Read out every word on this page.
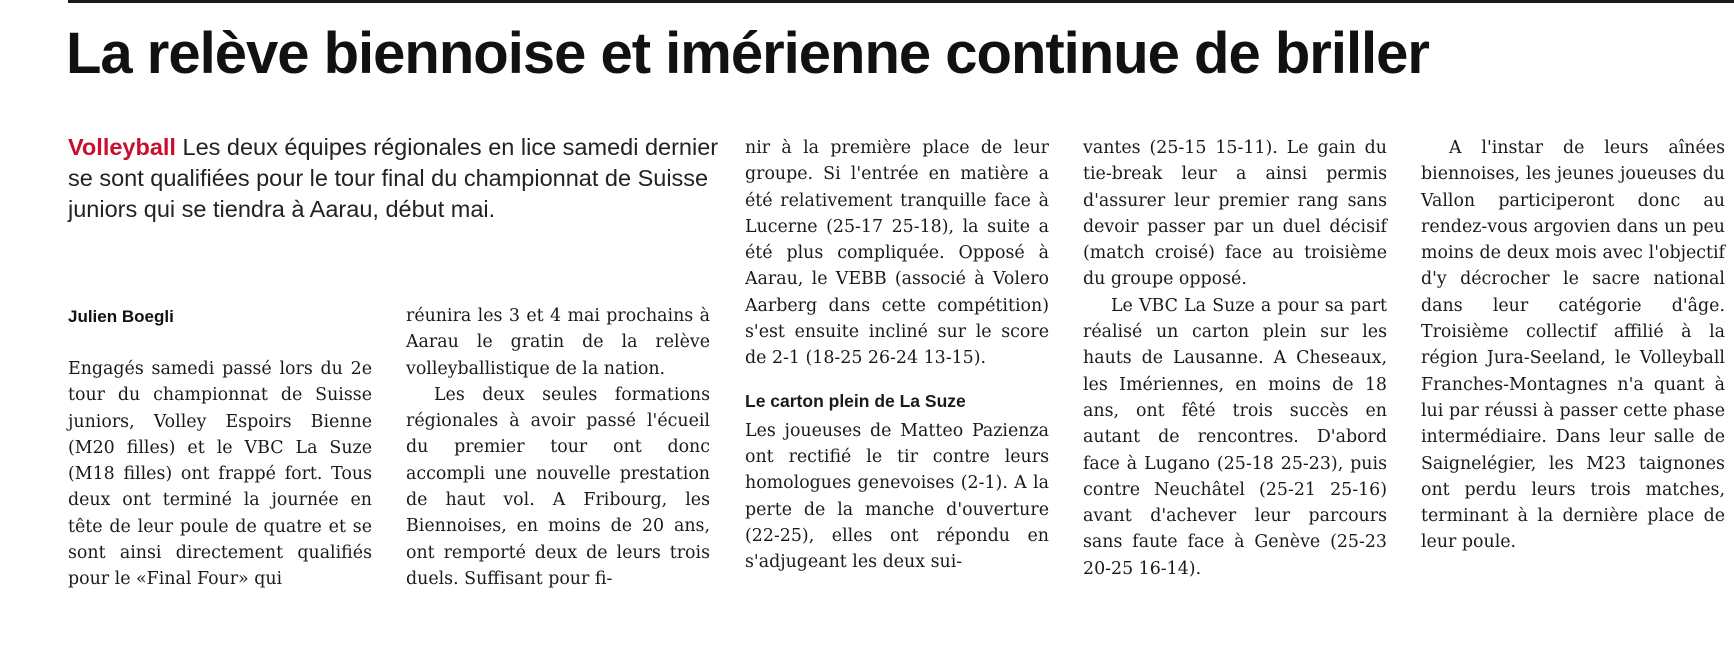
La relève biennoise et imérienne continue de briller

Volleyball Les deux équipes régionales en lice samedi dernier se sont qualifiées pour le tour final du championnat de Suisse juniors qui se tiendra à Aarau, début mai.

Julien Boegli

Engagés samedi passé lors du 2e tour du championnat de Suisse juniors, Volley Espoirs Bienne (M20 filles) et le VBC La Suze (M18 filles) ont frappé fort. Tous deux ont terminé la journée en tête de leur poule de quatre et se sont ainsi directement qualifiés pour le «Final Four» qui

réunira les 3 et 4 mai prochains à Aarau le gratin de la relève volleyballistique de la nation.

Les deux seules formations régionales à avoir passé l'écueil du premier tour ont donc accompli une nouvelle prestation de haut vol. A Fribourg, les Biennoises, en moins de 20 ans, ont remporté deux de leurs trois duels. Suffisant pour fi-

nir à la première place de leur groupe. Si l'entrée en matière a été relativement tranquille face à Lucerne (25-17 25-18), la suite a été plus compliquée. Opposé à Aarau, le VEBB (associé à Volero Aarberg dans cette compétition) s'est ensuite incliné sur le score de 2-1 (18-25 26-24 13-15).

Le carton plein de La Suze

Les joueuses de Matteo Pazienza ont rectifié le tir contre leurs homologues genevoises (2-1). A la perte de la manche d'ouverture (22-25), elles ont répondu en s'adjugeant les deux sui-

vantes (25-15 15-11). Le gain du tie-break leur a ainsi permis d'assurer leur premier rang sans devoir passer par un duel décisif (match croisé) face au troisième du groupe opposé.

Le VBC La Suze a pour sa part réalisé un carton plein sur les hauts de Lausanne. A Cheseaux, les Imériennes, en moins de 18 ans, ont fêté trois succès en autant de rencontres. D'abord face à Lugano (25-18 25-23), puis contre Neuchâtel (25-21 25-16) avant d'achever leur parcours sans faute face à Genève (25-23 20-25 16-14).

A l'instar de leurs aînées biennoises, les jeunes joueuses du Vallon participeront donc au rendez-vous argovien dans un peu moins de deux mois avec l'objectif d'y décrocher le sacre national dans leur catégorie d'âge. Troisième collectif affilié à la région Jura-Seeland, le Volleyball Franches-Montagnes n'a quant à lui par réussi à passer cette phase intermédiaire. Dans leur salle de Saignelégier, les M23 taignones ont perdu leurs trois matches, terminant à la dernière place de leur poule.
